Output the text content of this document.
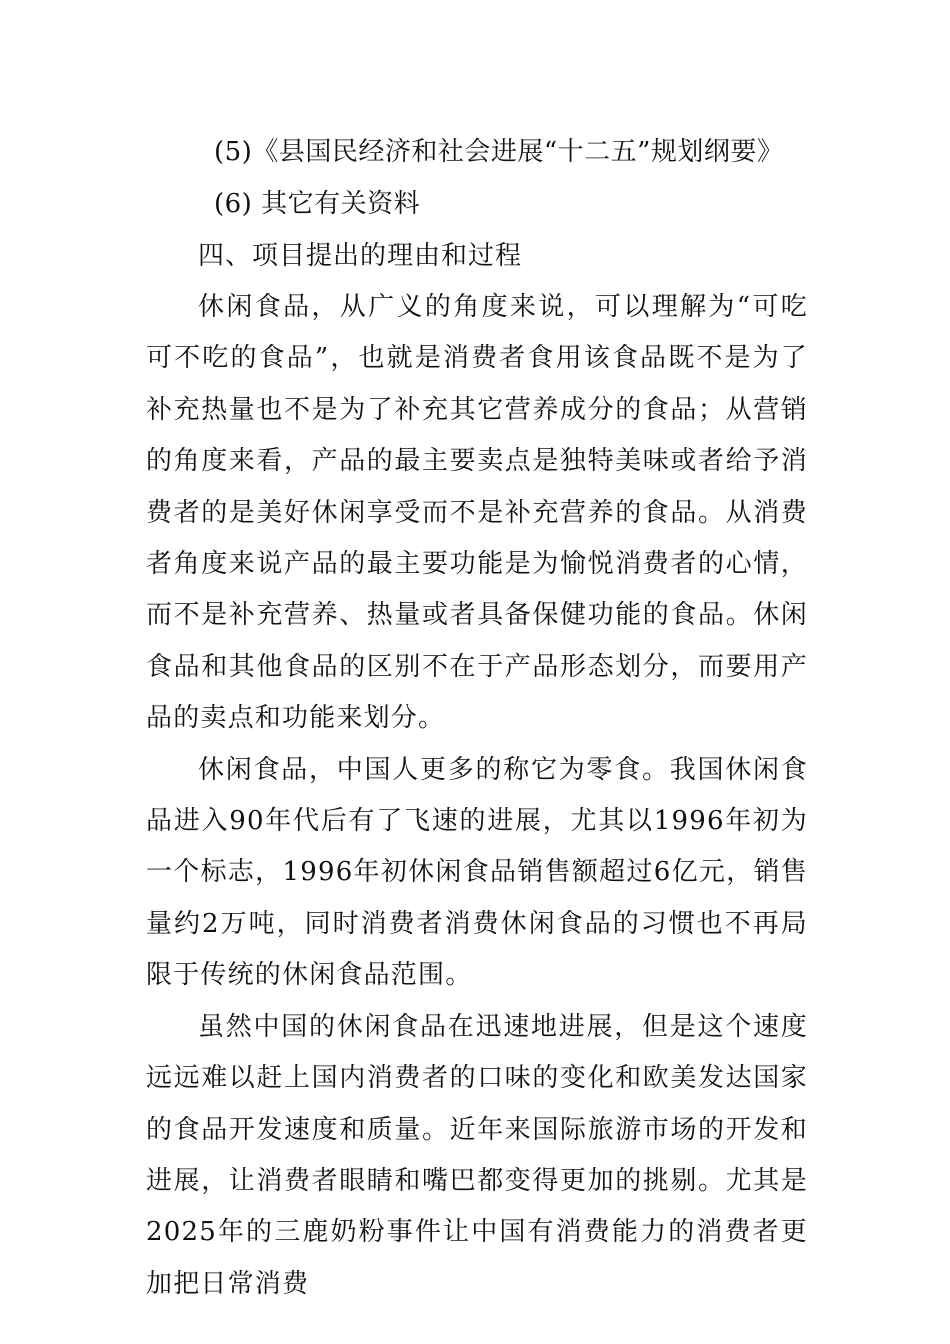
(5)《县国民经济和社会进展“十二五”规划纲要》
(6) 其它有关资料
四、项目提出的理由和过程

休闲食品，从广义的角度来说，可以理解为“可吃可不吃的食品”，也就是消费者食用该食品既不是为了补充热量也不是为了补充其它营养成分的食品；从营销的角度来看，产品的最主要卖点是独特美味或者给予消费者的是美好休闲享受而不是补充营养的食品。从消费者角度来说产品的最主要功能是为愉悦消费者的心情，而不是补充营养、热量或者具备保健功能的食品。休闲食品和其他食品的区别不在于产品形态划分，而要用产品的卖点和功能来划分。

休闲食品，中国人更多的称它为零食。我国休闲食品进入90年代后有了飞速的进展，尤其以1996年初为一个标志，1996年初休闲食品销售额超过6亿元，销售量约2万吨，同时消费者消费休闲食品的习惯也不再局限于传统的休闲食品范围。

虽然中国的休闲食品在迅速地进展，但是这个速度远远难以赶上国内消费者的口味的变化和欧美发达国家的食品开发速度和质量。近年来国际旅游市场的开发和进展，让消费者眼睛和嘴巴都变得更加的挑剔。尤其是2025年的三鹿奶粉事件让中国有消费能力的消费者更加把日常消费
